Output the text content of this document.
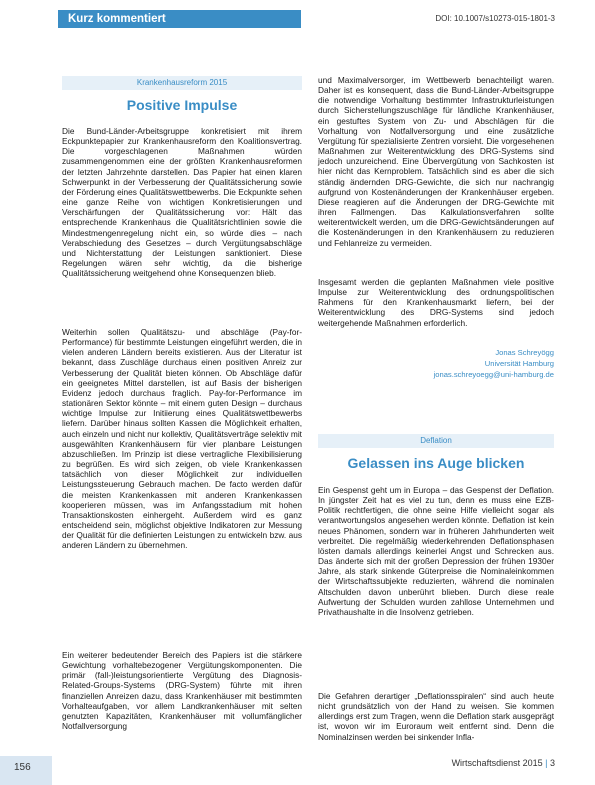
Kurz kommentiert	DOI: 10.1007/s10273-015-1801-3
Krankenhausreform 2015
Positive Impulse

Die Bund-Länder-Arbeitsgruppe konkretisiert mit ihrem Eckpunktepapier zur Krankenhausreform den Koalitionsvertrag. Die vorgeschlagenen Maßnahmen würden zusammengenommen eine der größten Krankenhausreformen der letzten Jahrzehnte darstellen. Das Papier hat einen klaren Schwerpunkt in der Verbesserung der Qualitätssicherung sowie der Förderung eines Qualitätswettbewerbs. Die Eckpunkte sehen eine ganze Reihe von wichtigen Konkretisierungen und Verschärfungen der Qualitätssicherung vor: Hält das entsprechende Krankenhaus die Qualitätsrichtlinien sowie die Mindestmengenregelung nicht ein, so würde dies – nach Verabschiedung des Gesetzes – durch Vergütungsabschläge und Nichterstattung der Leistungen sanktioniert. Diese Regelungen wären sehr wichtig, da die bisherige Qualitätssicherung weitgehend ohne Konsequenzen blieb.

Weiterhin sollen Qualitätszu- und abschläge (Pay-for-Performance) für bestimmte Leistungen eingeführt werden, die in vielen anderen Ländern bereits existieren. Aus der Literatur ist bekannt, dass Zuschläge durchaus einen positiven Anreiz zur Verbesserung der Qualität bieten können. Ob Abschläge dafür ein geeignetes Mittel darstellen, ist auf Basis der bisherigen Evidenz jedoch durchaus fraglich. Pay-for-Performance im stationären Sektor könnte – mit einem guten Design – durchaus wichtige Impulse zur Initiierung eines Qualitätswettbewerbs liefern. Darüber hinaus sollten Kassen die Möglichkeit erhalten, auch einzeln und nicht nur kollektiv, Qualitätsverträge selektiv mit ausgewählten Krankenhäusern für vier planbare Leistungen abzuschließen. Im Prinzip ist diese vertragliche Flexibilisierung zu begrüßen. Es wird sich zeigen, ob viele Krankenkassen tatsächlich von dieser Möglichkeit zur individuellen Leistungssteuerung Gebrauch machen. De facto werden dafür die meisten Krankenkassen mit anderen Krankenkassen kooperieren müssen, was im Anfangsstadium mit hohen Transaktionskosten einhergeht. Außerdem wird es ganz entscheidend sein, möglichst objektive Indikatoren zur Messung der Qualität für die definierten Leistungen zu entwickeln bzw. aus anderen Ländern zu übernehmen.

Ein weiterer bedeutender Bereich des Papiers ist die stärkere Gewichtung vorhaltebezogener Vergütungskomponenten. Die primär (fall-)leistungsorientierte Vergütung des Diagnosis-Related-Groups-Systems (DRG-System) führte mit ihren finanziellen Anreizen dazu, dass Krankenhäuser mit bestimmten Vorhalteaufgaben, vor allem Landkrankenhäuser mit selten genutzten Kapazitäten, Krankenhäuser mit vollumfänglicher Notfallversorgung

und Maximalversorger, im Wettbewerb benachteiligt waren. Daher ist es konsequent, dass die Bund-Länder-Arbeitsgruppe die notwendige Vorhaltung bestimmter Infrastrukturleistungen durch Sicherstellungszuschläge für ländliche Krankenhäuser, ein gestuftes System von Zu- und Abschlägen für die Vorhaltung von Notfallversorgung und eine zusätzliche Vergütung für spezialisierte Zentren vorsieht. Die vorgesehenen Maßnahmen zur Weiterentwicklung des DRG-Systems sind jedoch unzureichend. Eine Übervergütung von Sachkosten ist hier nicht das Kernproblem. Tatsächlich sind es aber die sich ständig ändernden DRG-Gewichte, die sich nur nachrangig aufgrund von Kostenänderungen der Krankenhäuser ergeben. Diese reagieren auf die Änderungen der DRG-Gewichte mit ihren Fallmengen. Das Kalkulationsverfahren sollte weiterentwickelt werden, um die DRG-Gewichtsänderungen auf die Kostenänderungen in den Krankenhäusern zu reduzieren und Fehlanreize zu vermeiden.

Insgesamt werden die geplanten Maßnahmen viele positive Impulse zur Weiterentwicklung des ordnungspolitischen Rahmens für den Krankenhausmarkt liefern, bei der Weiterentwicklung des DRG-Systems sind jedoch weitergehende Maßnahmen erforderlich.

Jonas Schreyögg
Universität Hamburg
jonas.schreyoegg@uni-hamburg.de
Deflation
Gelassen ins Auge blicken

Ein Gespenst geht um in Europa – das Gespenst der Deflation. In jüngster Zeit hat es viel zu tun, denn es muss eine EZB-Politik rechtfertigen, die ohne seine Hilfe vielleicht sogar als verantwortungslos angesehen werden könnte. Deflation ist kein neues Phänomen, sondern war in früheren Jahrhunderten weit verbreitet. Die regelmäßig wiederkehrenden Deflationsphasen lösten damals allerdings keinerlei Angst und Schrecken aus. Das änderte sich mit der großen Depression der frühen 1930er Jahre, als stark sinkende Güterpreise die Nominaleinkommen der Wirtschaftssubjekte reduzierten, während die nominalen Altschulden davon unberührt blieben. Durch diese reale Aufwertung der Schulden wurden zahllose Unternehmen und Privathaushalte in die Insolvenz getrieben.

Die Gefahren derartiger „Deflationsspiralen“ sind auch heute nicht grundsätzlich von der Hand zu weisen. Sie kommen allerdings erst zum Tragen, wenn die Deflation stark ausgeprägt ist, wovon wir im Euroraum weit entfernt sind. Denn die Nominalzinsen werden bei sinkender Infla-

156	Wirtschaftsdienst 2015 | 3
